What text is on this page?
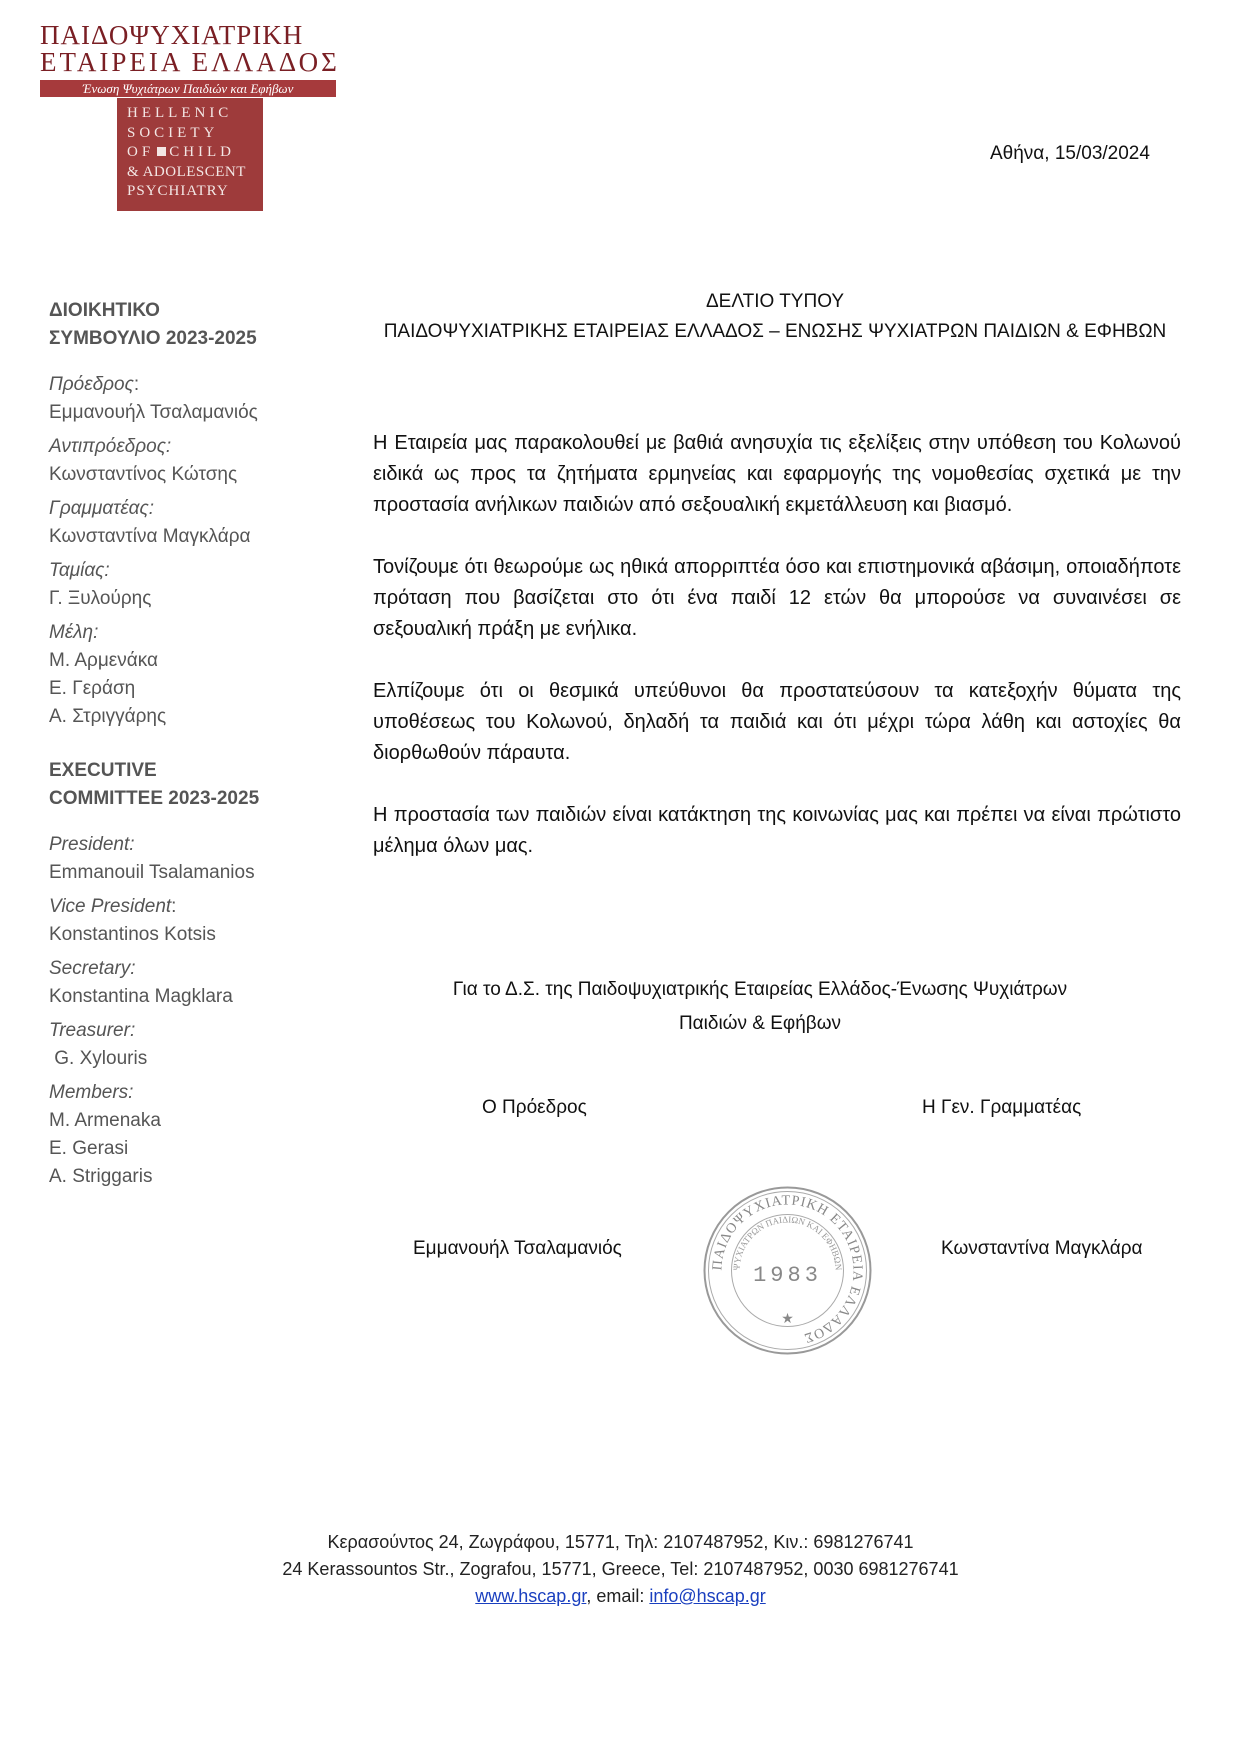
ΠΑΙΔΟΨΥΧΙΑΤΡΙΚΗ
ΕΤΑΙΡΕΙΑ ΕΛΛΑΔΟΣ
Ένωση Ψυχιάτρων Παιδιών και Εφήβων
HELLENIC
SOCIETY
OF CHILD
& ADOLESCENT
PSYCHIATRY
Αθήνα, 15/03/2024
ΔΙΟΙΚΗΤΙΚΟ
ΣΥΜΒΟΥΛΙΟ 2023-2025
Πρόεδρος:
Εμμανουήλ Τσαλαμανιός
Αντιπρόεδρος:
Κωνσταντίνος Κώτσης
Γραμματέας:
Κωνσταντίνα Μαγκλάρα
Ταμίας:
Γ. Ξυλούρης
Μέλη:
Μ. Αρμενάκα
Ε. Γεράση
Α. Στριγγάρης
EXECUTIVE
COMMITTEE 2023-2025
President:
Emmanouil Tsalamanios
Vice President:
Konstantinos Kotsis
Secretary:
Konstantina Magklara
Treasurer:
G. Xylouris
Members:
M. Armenaka
E. Gerasi
A. Striggaris
ΔΕΛΤΙΟ ΤΥΠΟΥ
ΠΑΙΔΟΨΥΧΙΑΤΡΙΚΗΣ ΕΤΑΙΡΕΙΑΣ ΕΛΛΑΔΟΣ – ΕΝΩΣΗΣ ΨΥΧΙΑΤΡΩΝ ΠΑΙΔΙΩΝ & ΕΦΗΒΩΝ

Η Εταιρεία μας παρακολουθεί με βαθιά ανησυχία τις εξελίξεις στην υπόθεση του Κολωνού ειδικά ως προς τα ζητήματα ερμηνείας και εφαρμογής της νομοθεσίας σχετικά με την προστασία ανήλικων παιδιών από σεξουαλική εκμετάλλευση και βιασμό.

Τονίζουμε ότι θεωρούμε ως ηθικά απορριπτέα όσο και επιστημονικά αβάσιμη, οποιαδήποτε πρόταση που βασίζεται στο ότι ένα παιδί 12 ετών θα μπορούσε να συναινέσει σε σεξουαλική πράξη με ενήλικα.

Ελπίζουμε ότι οι θεσμικά υπεύθυνοι θα προστατεύσουν τα κατεξοχήν θύματα της υποθέσεως του Κολωνού, δηλαδή τα παιδιά και ότι μέχρι τώρα λάθη και αστοχίες θα διορθωθούν πάραυτα.

Η προστασία των παιδιών είναι κατάκτηση της κοινωνίας μας και πρέπει να είναι πρώτιστο μέλημα όλων μας.

Για το Δ.Σ. της Παιδοψυχιατρικής Εταιρείας Ελλάδος-Ένωσης Ψυχιάτρων
Παιδιών & Εφήβων
Ο Πρόεδρος	Η Γεν. Γραμματέας
Εμμανουήλ Τσαλαμανιός	Κωνσταντίνα Μαγκλάρα
ΠΑΙΔΟΨΥΧΙΑΤΡΙΚΗ ΕΤΑΙΡΕΙΑ ΕΛΛΑΔΟΣ
ΨΥΧΙΑΤΡΩΝ ΠΑΙΔΙΩΝ ΚΑΙ ΕΦΗΒΩΝ
1983
★
Κερασούντος 24, Ζωγράφου, 15771, Τηλ: 2107487952, Κιν.: 6981276741
24 Kerassountos Str., Zografou, 15771, Greece, Tel: 2107487952, 0030 6981276741
www.hscap.gr, email: info@hscap.gr
